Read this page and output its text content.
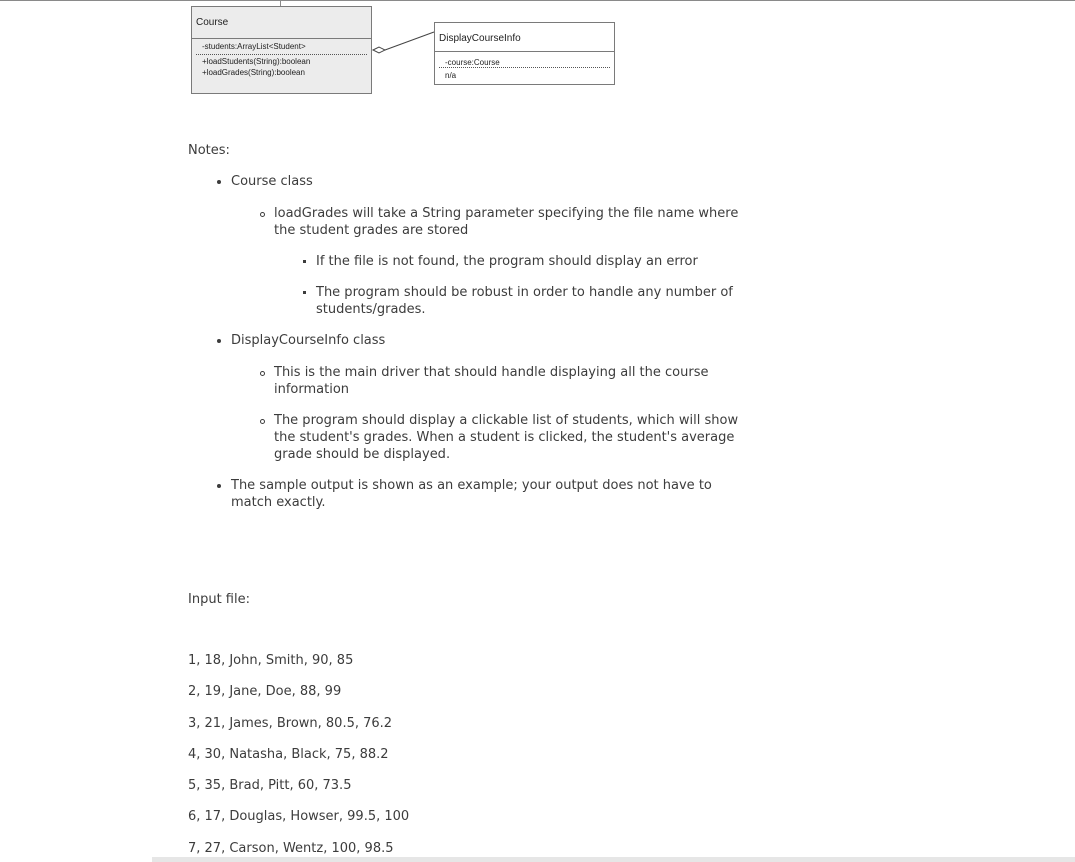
Course
-students:ArrayList<Student>
+loadStudents(String):boolean
+loadGrades(String):boolean
DisplayCourseInfo
-course:Course
n/a
Notes:
Course class
loadGrades will take a String parameter specifying the file name where the student grades are stored
If the file is not found, the program should display an error
The program should be robust in order to handle any number of students/grades.
DisplayCourseInfo class
This is the main driver that should handle displaying all the course information
The program should display a clickable list of students, which will show the student's grades. When a student is clicked, the student's average grade should be displayed.
The sample output is shown as an example; your output does not have to match exactly.
Input file:
1, 18, John, Smith, 90, 85
2, 19, Jane, Doe, 88, 99
3, 21, James, Brown, 80.5, 76.2
4, 30, Natasha, Black, 75, 88.2
5, 35, Brad, Pitt, 60, 73.5
6, 17, Douglas, Howser, 99.5, 100
7, 27, Carson, Wentz, 100, 98.5
